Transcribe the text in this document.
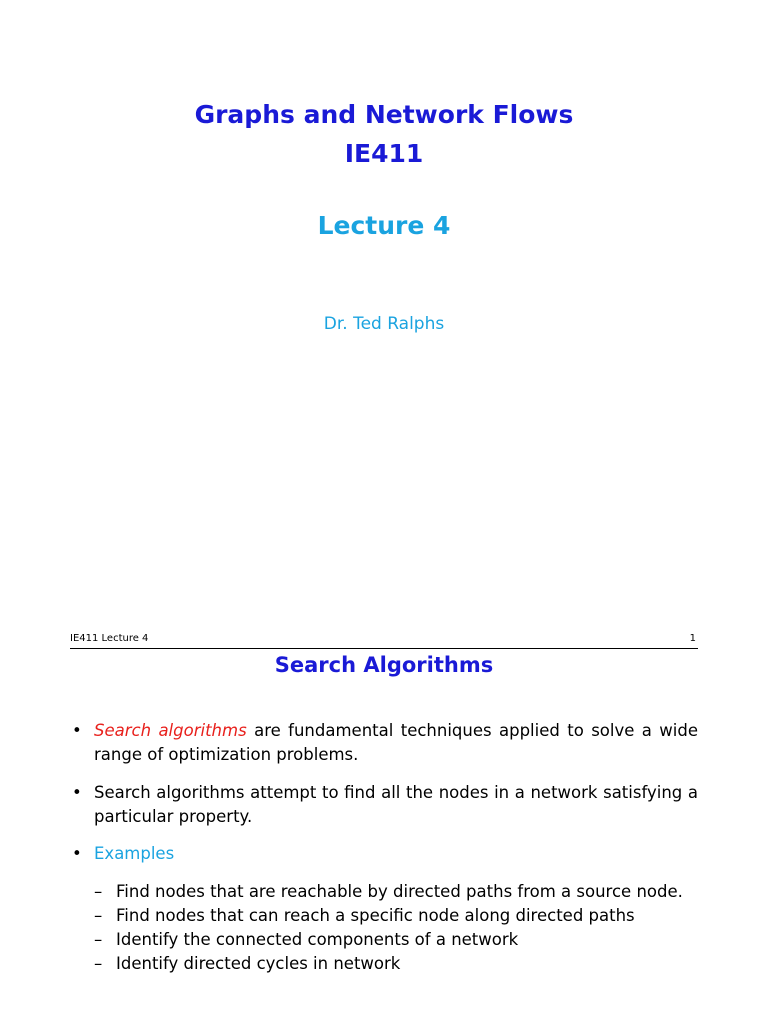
Graphs and Network Flows
IE411
Lecture 4
Dr. Ted Ralphs
IE411 Lecture 4	1
Search Algorithms
• Search algorithms are fundamental techniques applied to solve a wide range of optimization problems.
• Search algorithms attempt to find all the nodes in a network satisfying a particular property.
• Examples
– Find nodes that are reachable by directed paths from a source node.
– Find nodes that can reach a specific node along directed paths
– Identify the connected components of a network
– Identify directed cycles in network
